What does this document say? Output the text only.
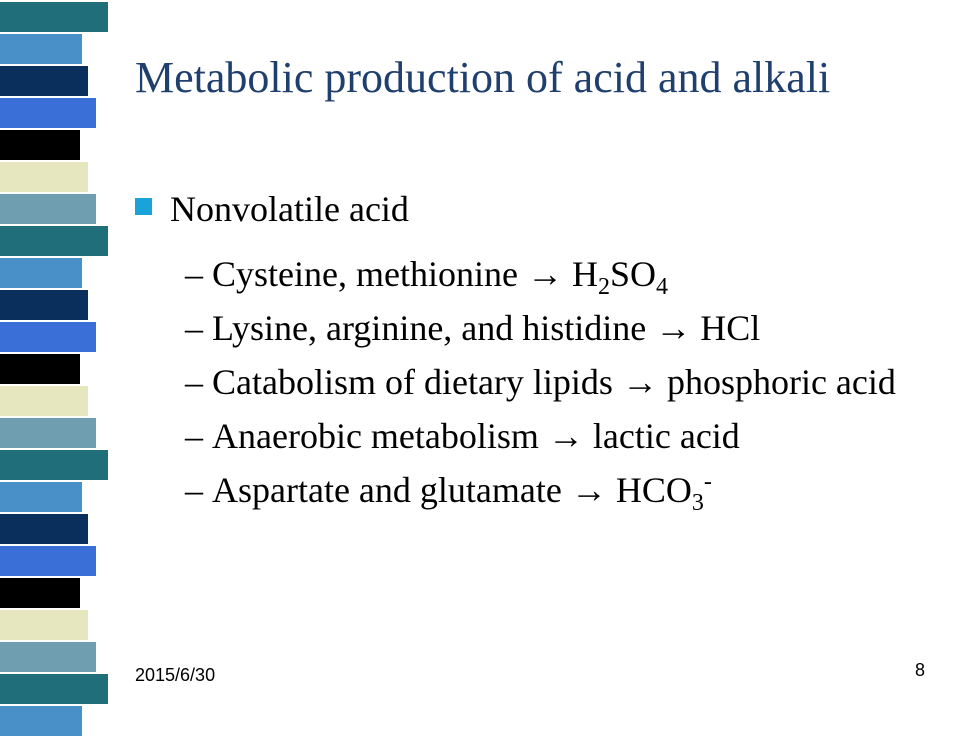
Metabolic production of acid and alkali
Nonvolatile acid
– Cysteine, methionine → $H_2SO_4$
– Lysine, arginine, and histidine → HCl
– Catabolism of dietary lipids → phosphoric acid
– Anaerobic metabolism → lactic acid
– Aspartate and glutamate → $HCO_3^-$
2015/6/30	8
